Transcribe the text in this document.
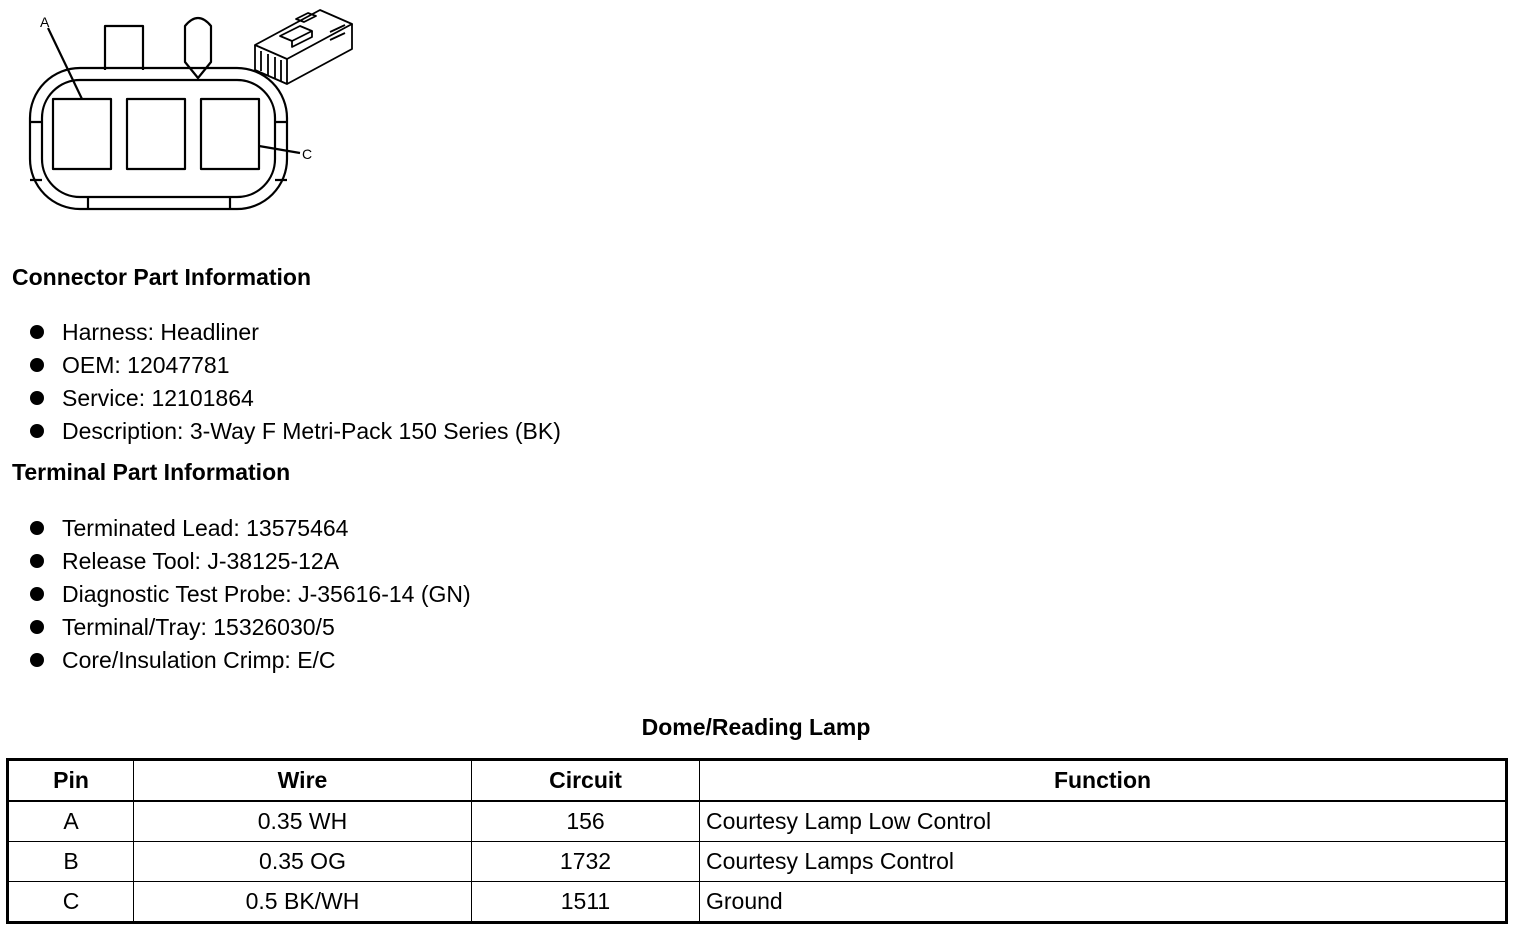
A
C
Connector Part Information
Harness: Headliner
OEM: 12047781
Service: 12101864
Description: 3-Way F Metri-Pack 150 Series (BK)
Terminal Part Information
Terminated Lead: 13575464
Release Tool: J-38125-12A
Diagnostic Test Probe: J-35616-14 (GN)
Terminal/Tray: 15326030/5
Core/Insulation Crimp: E/C
Dome/Reading Lamp
Pin	Wire	Circuit	Function
A	0.35 WH	156	Courtesy Lamp Low Control
B	0.35 OG	1732	Courtesy Lamps Control
C	0.5 BK/WH	1511	Ground
